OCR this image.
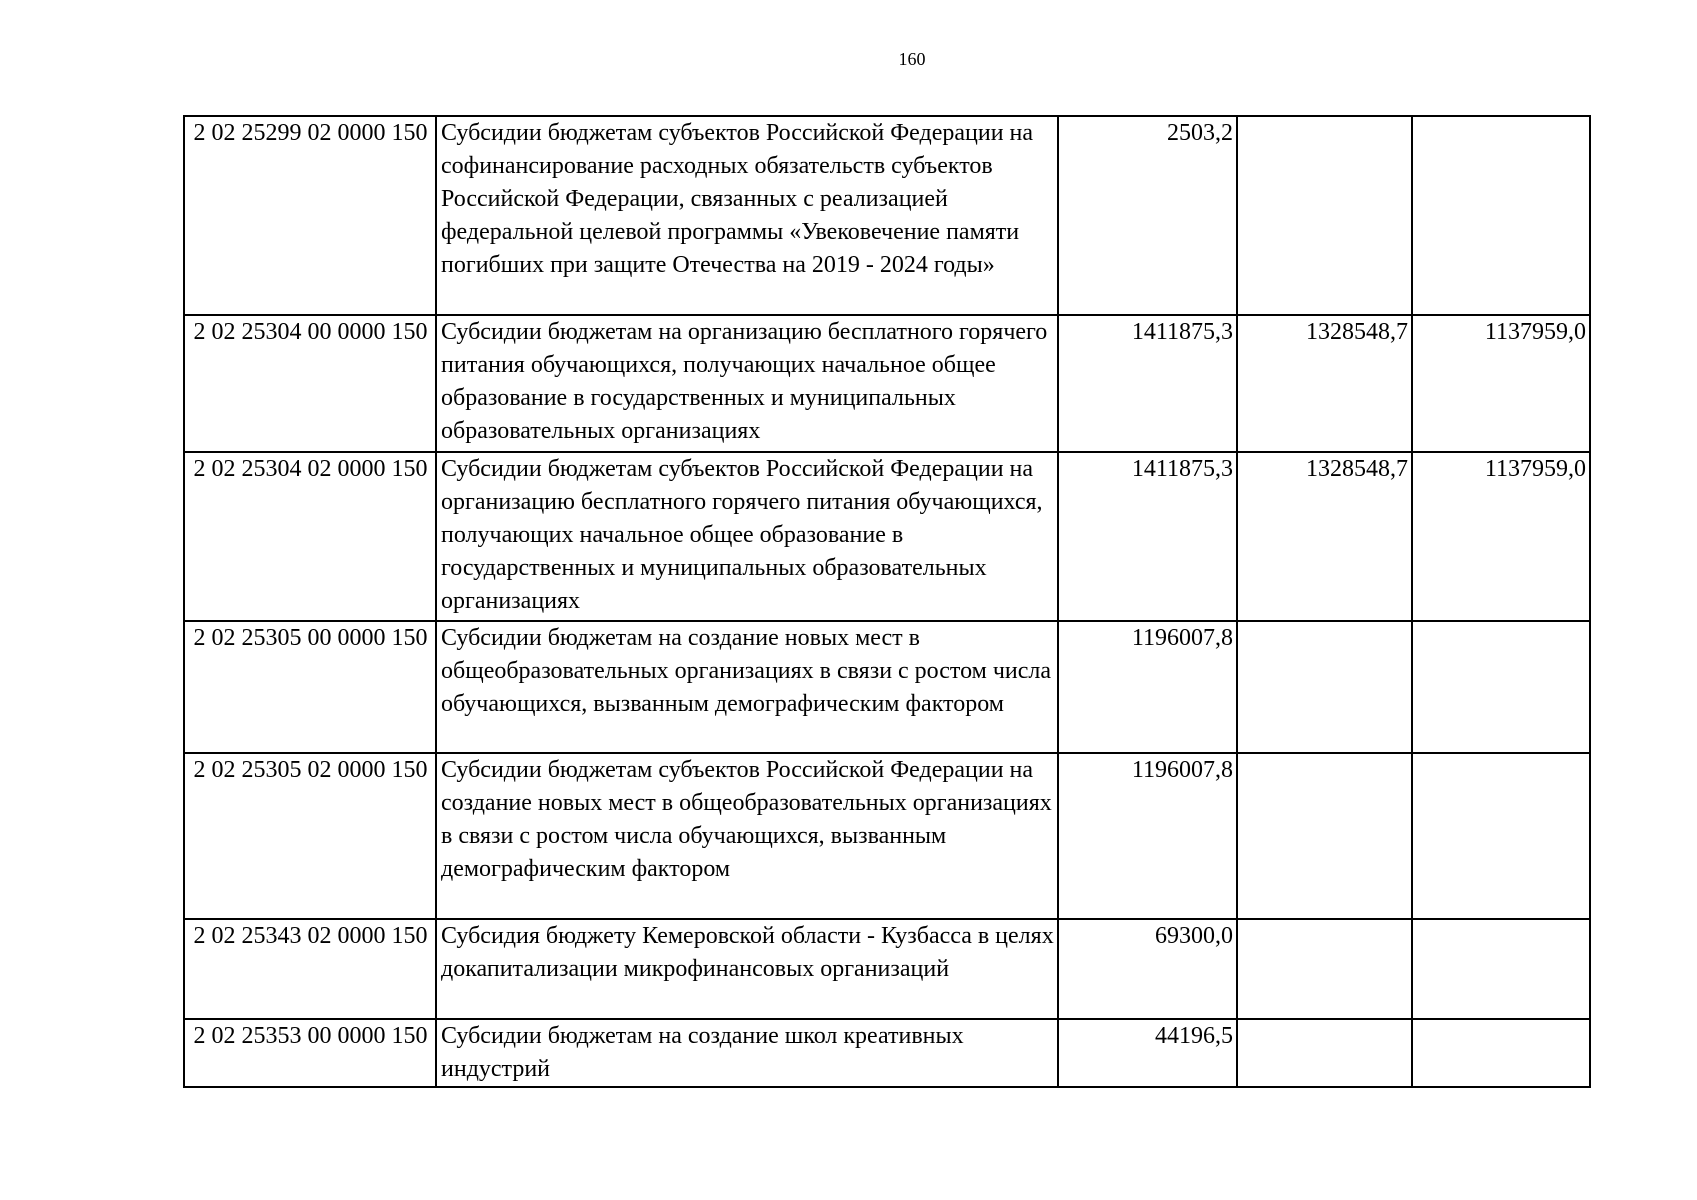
160
2 02 25299 02 0000 150	Субсидии бюджетам субъектов Российской Федерации на софинансирование расходных обязательств субъектов Российской Федерации, связанных с реализацией федеральной целевой программы «Увековечение памяти погибших при защите Отечества на 2019 - 2024 годы»	2503,2		
2 02 25304 00 0000 150	Субсидии бюджетам на организацию бесплатного горячего питания обучающихся, получающих начальное общее образование в государственных и муниципальных образовательных организациях	1411875,3	1328548,7	1137959,0
2 02 25304 02 0000 150	Субсидии бюджетам субъектов Российской Федерации на организацию бесплатного горячего питания обучающихся, получающих начальное общее образование в государственных и муниципальных образовательных организациях	1411875,3	1328548,7	1137959,0
2 02 25305 00 0000 150	Субсидии бюджетам на создание новых мест в общеобразовательных организациях в связи с ростом числа обучающихся, вызванным демографическим фактором	1196007,8		
2 02 25305 02 0000 150	Субсидии бюджетам субъектов Российской Федерации на создание новых мест в общеобразовательных организациях в связи с ростом числа обучающихся, вызванным демографическим фактором	1196007,8		
2 02 25343 02 0000 150	Субсидия бюджету Кемеровской области - Кузбасса в целях докапитализации микрофинансовых организаций	69300,0		
2 02 25353 00 0000 150	Субсидии бюджетам на создание школ креативных индустрий	44196,5		
